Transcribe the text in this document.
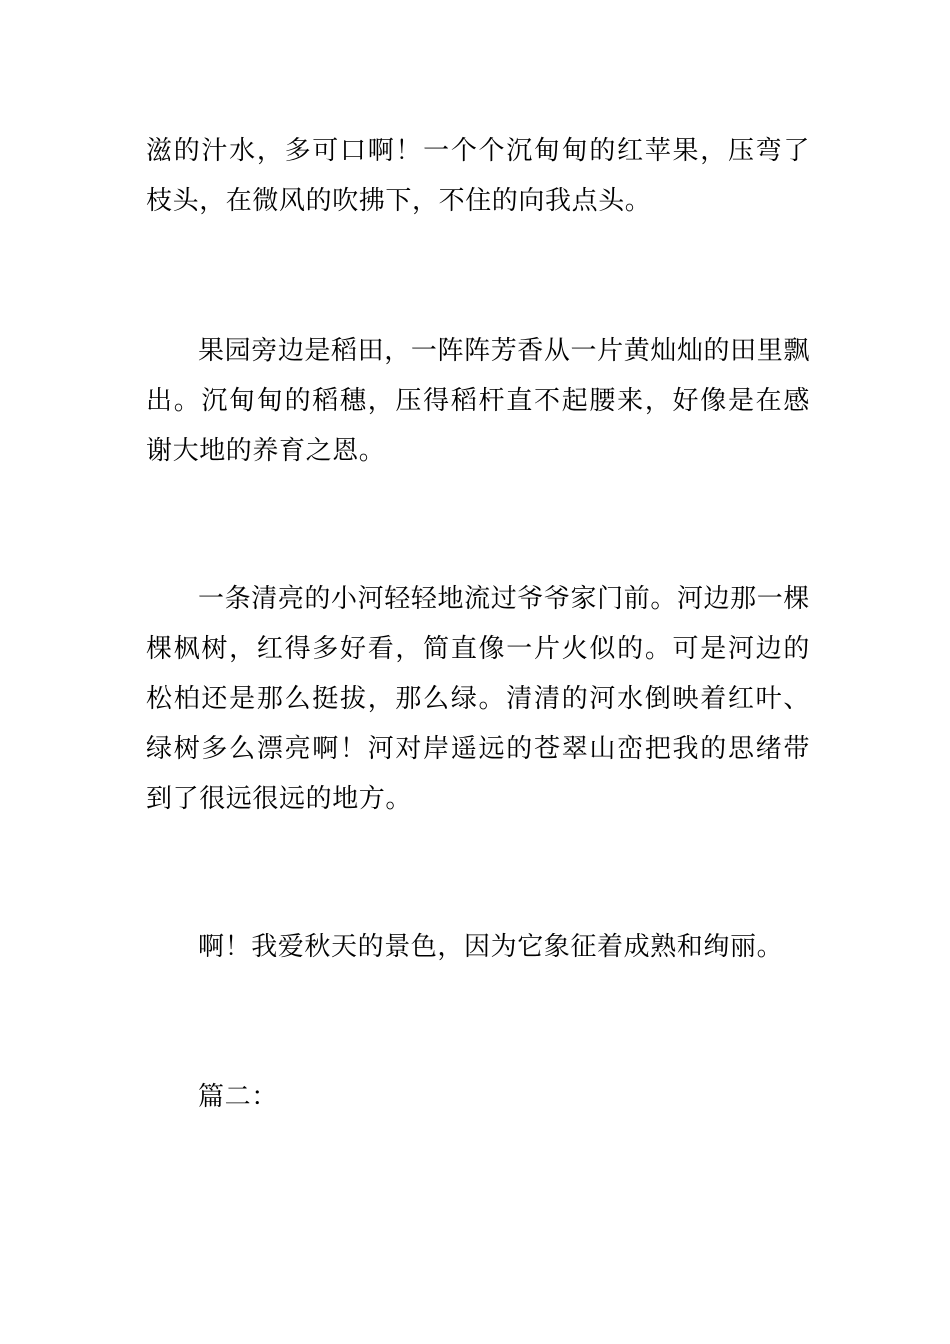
滋的汁水，多可口啊！一个个沉甸甸的红苹果，压弯了枝头，在微风的吹拂下，不住的向我点头。

果园旁边是稻田，一阵阵芳香从一片黄灿灿的田里飘出。沉甸甸的稻穗，压得稻杆直不起腰来，好像是在感谢大地的养育之恩。

一条清亮的小河轻轻地流过爷爷家门前。河边那一棵棵枫树，红得多好看，简直像一片火似的。可是河边的松柏还是那么挺拔，那么绿。清清的河水倒映着红叶、绿树多么漂亮啊！河对岸遥远的苍翠山峦把我的思绪带到了很远很远的地方。

啊！我爱秋天的景色，因为它象征着成熟和绚丽。

篇二：
